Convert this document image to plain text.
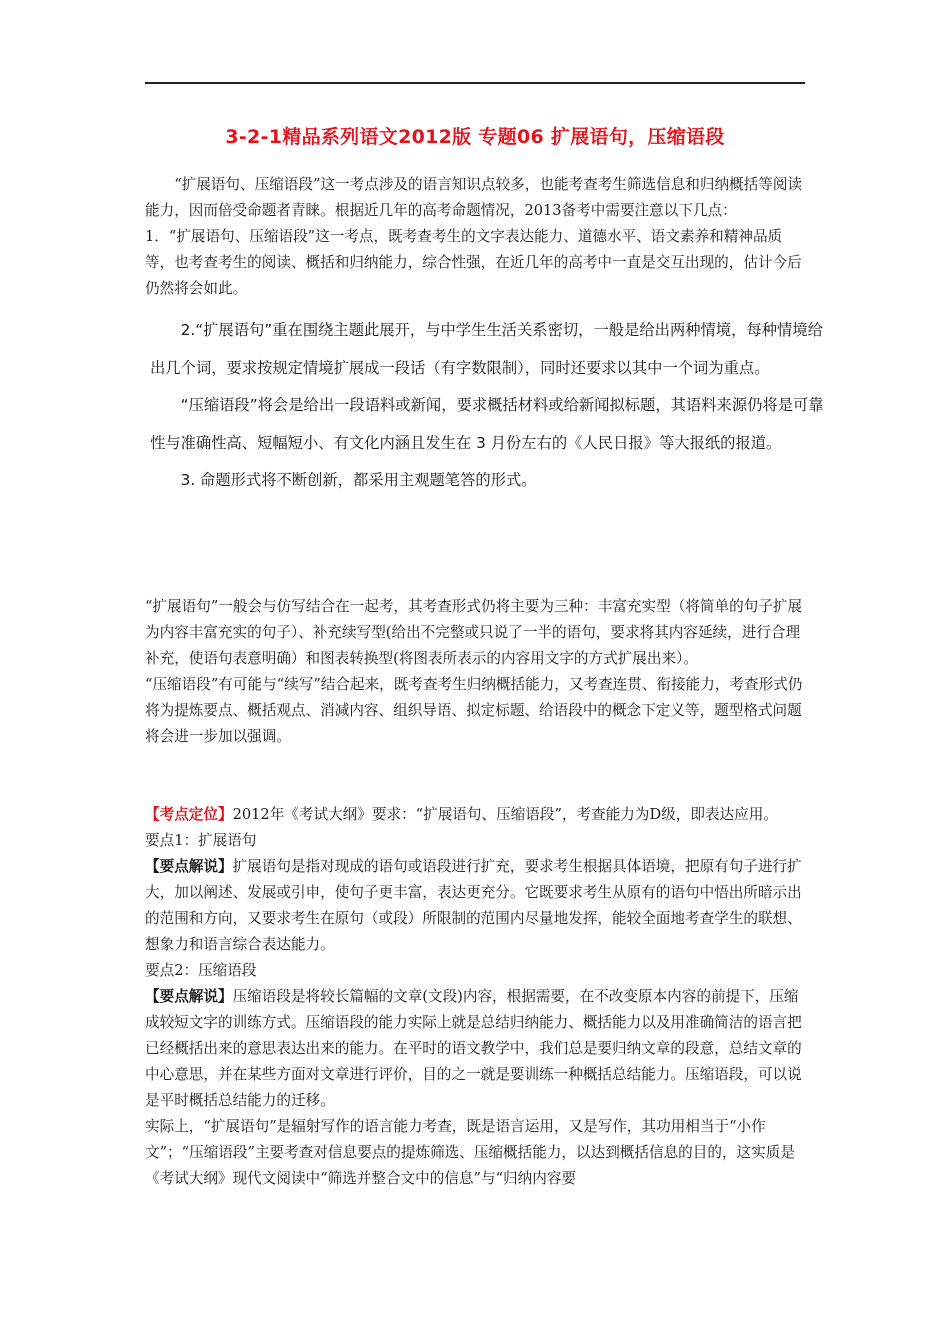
3-2-1精品系列语文2012版 专题06 扩展语句，压缩语段

“扩展语句、压缩语段”这一考点涉及的语言知识点较多，也能考查考生筛选信息和归纳概括等阅读能力，因而倍受命题者青睐。根据近几年的高考命题情况，2013备考中需要注意以下几点：

1．“扩展语句、压缩语段”这一考点，既考查考生的文字表达能力、道德水平、语文素养和精神品质等，也考查考生的阅读、概括和归纳能力，综合性强，在近几年的高考中一直是交互出现的，估计今后仍然将会如此。

2.“扩展语句”重在围绕主题此展开，与中学生生活关系密切，一般是给出两种情境，每种情境给出几个词，要求按规定情境扩展成一段话（有字数限制），同时还要求以其中一个词为重点。

“压缩语段”将会是给出一段语料或新闻，要求概括材料或给新闻拟标题，其语料来源仍将是可靠性与准确性高、短幅短小、有文化内涵且发生在 3 月份左右的《人民日报》等大报纸的报道。

3. 命题形式将不断创新，都采用主观题笔答的形式。

“扩展语句”一般会与仿写结合在一起考，其考查形式仍将主要为三种：丰富充实型（将简单的句子扩展为内容丰富充实的句子）、补充续写型(给出不完整或只说了一半的语句，要求将其内容延续，进行合理补充，使语句表意明确）和图表转换型(将图表所表示的内容用文字的方式扩展出来）。

“压缩语段”有可能与“续写”结合起来，既考查考生归纳概括能力，又考查连贯、衔接能力，考查形式仍将为提炼要点、概括观点、消减内容、组织导语、拟定标题、给语段中的概念下定义等，题型格式问题将会进一步加以强调。

【考点定位】2012年《考试大纲》要求：“扩展语句、压缩语段”，考查能力为D级，即表达应用。

要点1：扩展语句

【要点解说】扩展语句是指对现成的语句或语段进行扩充，要求考生根据具体语境，把原有句子进行扩大，加以阐述、发展或引申，使句子更丰富，表达更充分。它既要求考生从原有的语句中悟出所暗示出的范围和方向，又要求考生在原句（或段）所限制的范围内尽量地发挥，能较全面地考查学生的联想、想象力和语言综合表达能力。

要点2：压缩语段

【要点解说】压缩语段是将较长篇幅的文章(文段)内容，根据需要，在不改变原本内容的前提下，压缩成较短文字的训练方式。压缩语段的能力实际上就是总结归纳能力、概括能力以及用准确简洁的语言把已经概括出来的意思表达出来的能力。在平时的语文教学中，我们总是要归纳文章的段意，总结文章的中心意思，并在某些方面对文章进行评价，目的之一就是要训练一种概括总结能力。压缩语段，可以说是平时概括总结能力的迁移。

实际上，“扩展语句”是辐射写作的语言能力考查，既是语言运用，又是写作，其功用相当于“小作文”；“压缩语段”主要考查对信息要点的提炼筛选、压缩概括能力，以达到概括信息的目的，这实质是《考试大纲》现代文阅读中“筛选并整合文中的信息”与“归纳内容要
